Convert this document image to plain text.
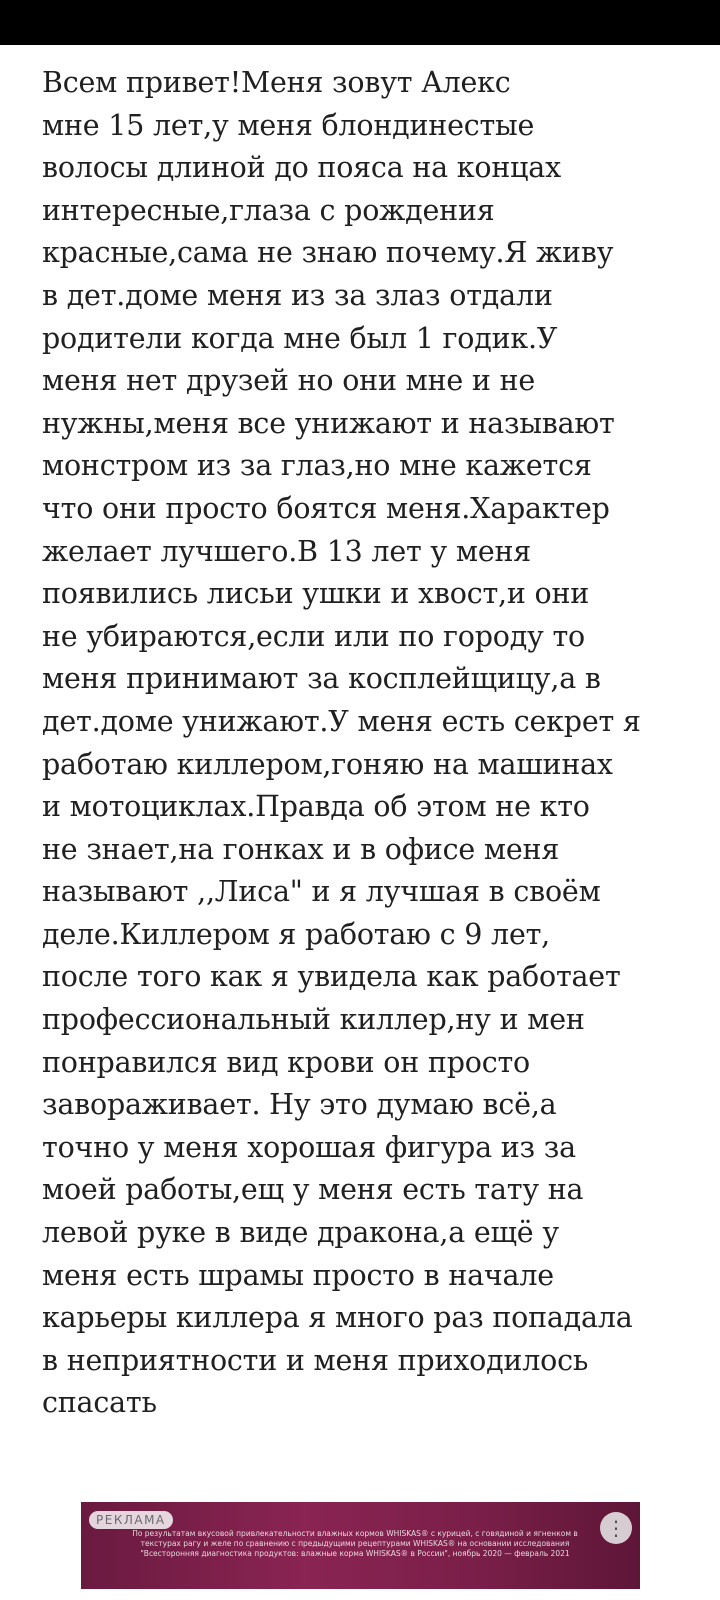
Всем привет!Меня зовут Алекс
мне 15 лет,у меня блондинестые
волосы длиной до пояса на концах
интересные,глаза с рождения
красные,сама не знаю почему.Я живу
в дет.доме меня из за злаз отдали
родители когда мне был 1 годик.У
меня нет друзей но они мне и не
нужны,меня все унижают и называют
монстром из за глаз,но мне кажется
что они просто боятся меня.Характер
желает лучшего.В 13 лет у меня
появились лисьи ушки и хвост,и они
не убираются,если или по городу то
меня принимают за косплейщицу,а в
дет.доме унижают.У меня есть секрет я
работаю киллером,гоняю на машинах
и мотоциклах.Правда об этом не кто
не знает,на гонках и в офисе меня
называют ,,Лиса" и я лучшая в своём
деле.Киллером я работаю с 9 лет,
после того как я увидела как работает
профессиональный киллер,ну и мен
понравился вид крови он просто
завораживает. Ну это думаю всё,а
точно у меня хорошая фигура из за
моей работы,ещ у меня есть тату на
левой руке в виде дракона,а ещё у
меня есть шрамы просто в начале
карьеры киллера я много раз попадала
в неприятности и меня приходилось
спасать
РЕКЛАМА
По результатам вкусовой привлекательности влажных кормов WHISKAS® с курицей, с говядиной и ягненком в
текстурах рагу и желе по сравнению с предыдущими рецептурами WHISKAS® на основании исследования
"Всесторонняя диагностика продуктов: влажные корма WHISKAS® в России", ноябрь 2020 — февраль 2021
⋮
